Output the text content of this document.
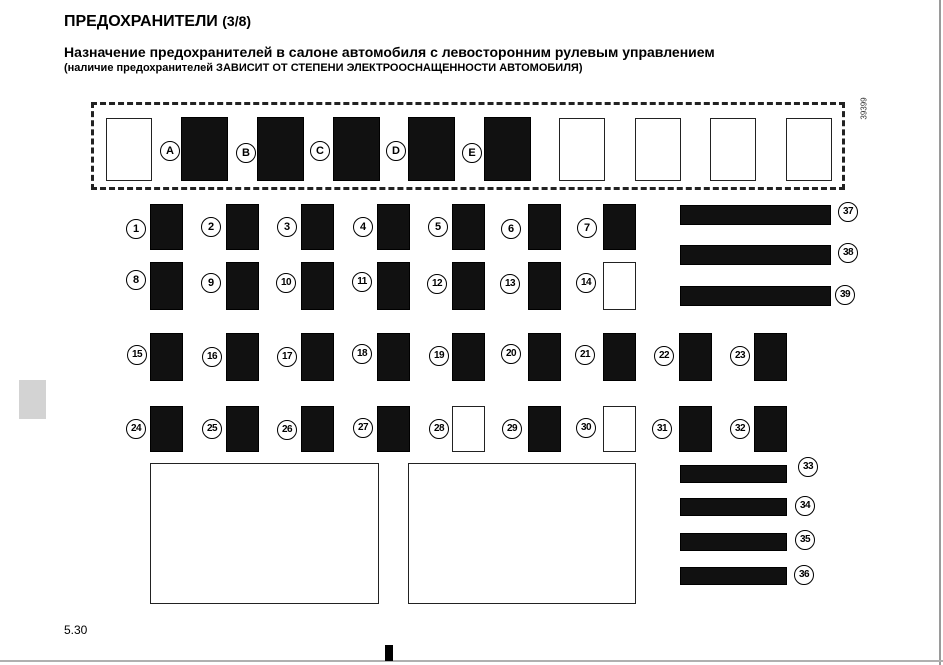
ПРЕДОХРАНИТЕЛИ (3/8)
Назначение предохранителей в салоне автомобиля с левосторонним рулевым управлением
(наличие предохранителей ЗАВИСИТ ОТ СТЕПЕНИ ЭЛЕКТРООСНАЩЕННОСТИ АВТОМОБИЛЯ)
39399
5.30
A	B	C	D	E
1	2	3	4	5	6	7
8	9	10	11	12	13	14
15	16	17	18	19	20	21	22	23
24	25	26	27	28	29	30	31	32
37
38
39
33
34
35
36
